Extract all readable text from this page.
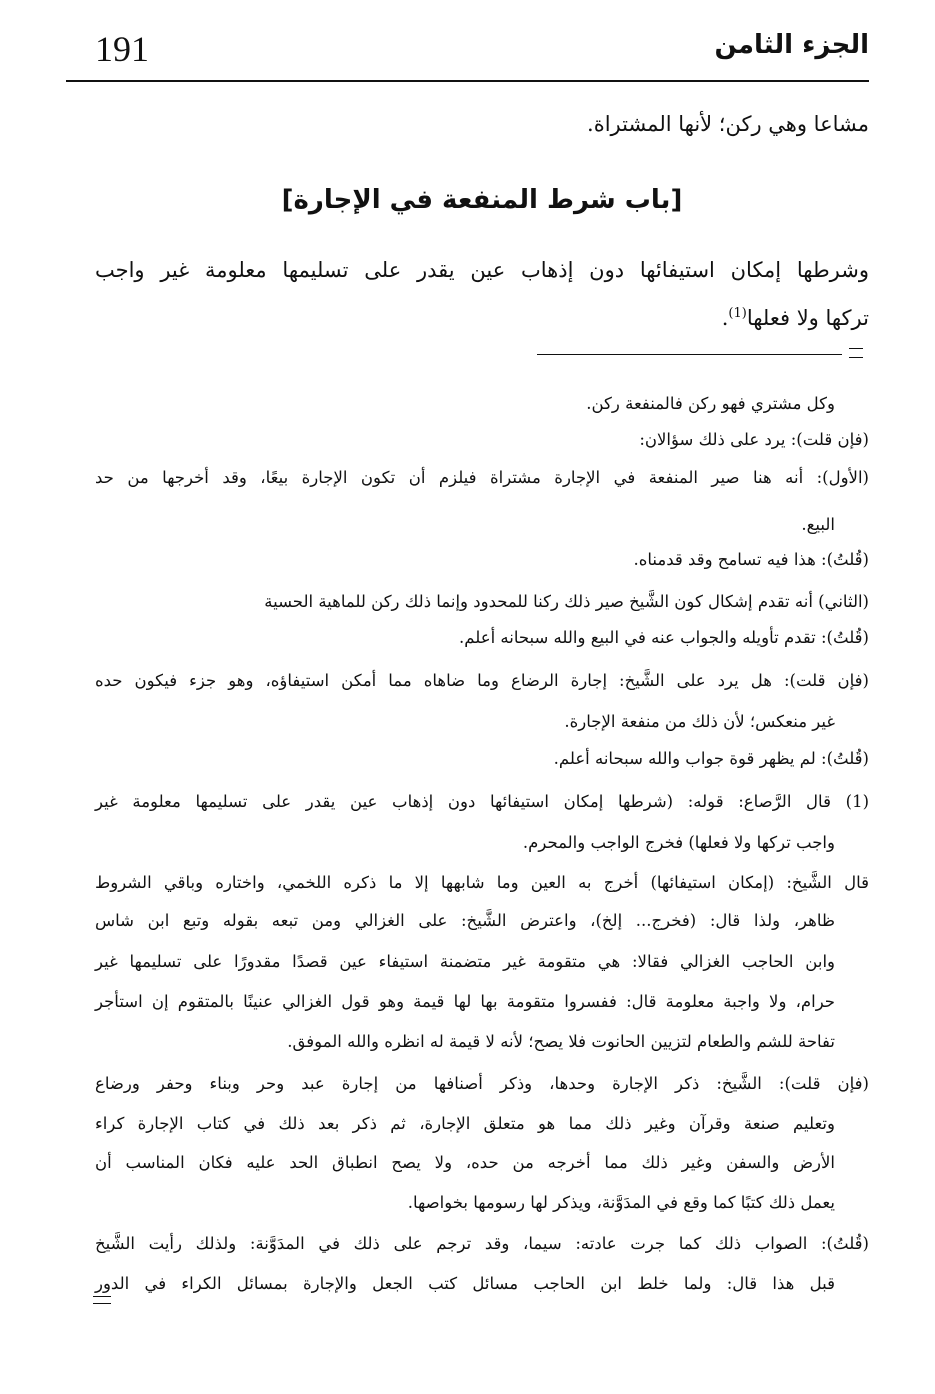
الجزء الثامن
191
مشاعا وهي ركن؛ لأنها المشتراة.
[باب شرط المنفعة في الإجارة]
وشرطها إمكان استيفائها دون إذهاب عين يقدر على تسليمها معلومة غير واجب
تركها ولا فعلها$^{(1)}$.
وكل مشتري فهو ركن فالمنفعة ركن.
(فإن قلت): يرد على ذلك سؤالان:
(الأول): أنه هنا صير المنفعة في الإجارة مشتراة فيلزم أن تكون الإجارة بيعًا، وقد أخرجها من حد
البيع.
(قُلتُ): هذا فيه تسامح وقد قدمناه.
(الثاني) أنه تقدم إشكال كون الشَّيخ صير ذلك ركنا للمحدود وإنما ذلك ركن للماهية الحسية
(قُلتُ): تقدم تأويله والجواب عنه في البيع والله سبحانه أعلم.
(فإن قلت): هل يرد على الشَّيخ: إجارة الرضاع وما ضاهاه مما أمكن استيفاؤه، وهو جزء فيكون حده
غير منعكس؛ لأن ذلك من منفعة الإجارة.
(قُلتُ): لم يظهر قوة جواب والله سبحانه أعلم.
(1) قال الرَّصاع: قوله: (شرطها إمكان استيفائها دون إذهاب عين يقدر على تسليمها معلومة غير
واجب تركها ولا فعلها) فخرج الواجب والمحرم.
قال الشَّيخ: (إمكان استيفائها) أخرج به العين وما شابهها إلا ما ذكره اللخمي، واختاره وباقي الشروط
ظاهر، ولذا قال: (فخرج... إلخ)، واعترض الشَّيخ: على الغزالي ومن تبعه بقوله وتبع ابن شاس
وابن الحاجب الغزالي فقالا: هي متقومة غير متضمنة استيفاء عين قصدًا مقدورًا على تسليمها غير
حرام، ولا واجبة معلومة قال: ففسروا متقومة بها لها قيمة وهو قول الغزالي عنينًا بالمتقوم إن استأجر
تفاحة للشم والطعام لتزيين الحانوت فلا يصح؛ لأنه لا قيمة له انظره والله الموفق.
(فإن قلت): الشَّيخ: ذكر الإجارة وحدها، وذكر أصنافها من إجارة عبد وحر وبناء وحفر ورضاع
وتعليم صنعة وقرآن وغير ذلك مما هو متعلق الإجارة، ثم ذكر بعد ذلك في كتاب الإجارة كراء
الأرض والسفن وغير ذلك مما أخرجه من حده، ولا يصح انطباق الحد عليه فكان المناسب أن
يعمل ذلك كتبًا كما وقع في المدَوَّنة، ويذكر لها رسومها بخواصها.
(قُلتُ): الصواب ذلك كما جرت عادته: سيما، وقد ترجم على ذلك في المدَوَّنة: ولذلك رأيت الشَّيخ
قبل هذا قال: ولما خلط ابن الحاجب مسائل كتب الجعل والإجارة بمسائل الكراء في الدور
